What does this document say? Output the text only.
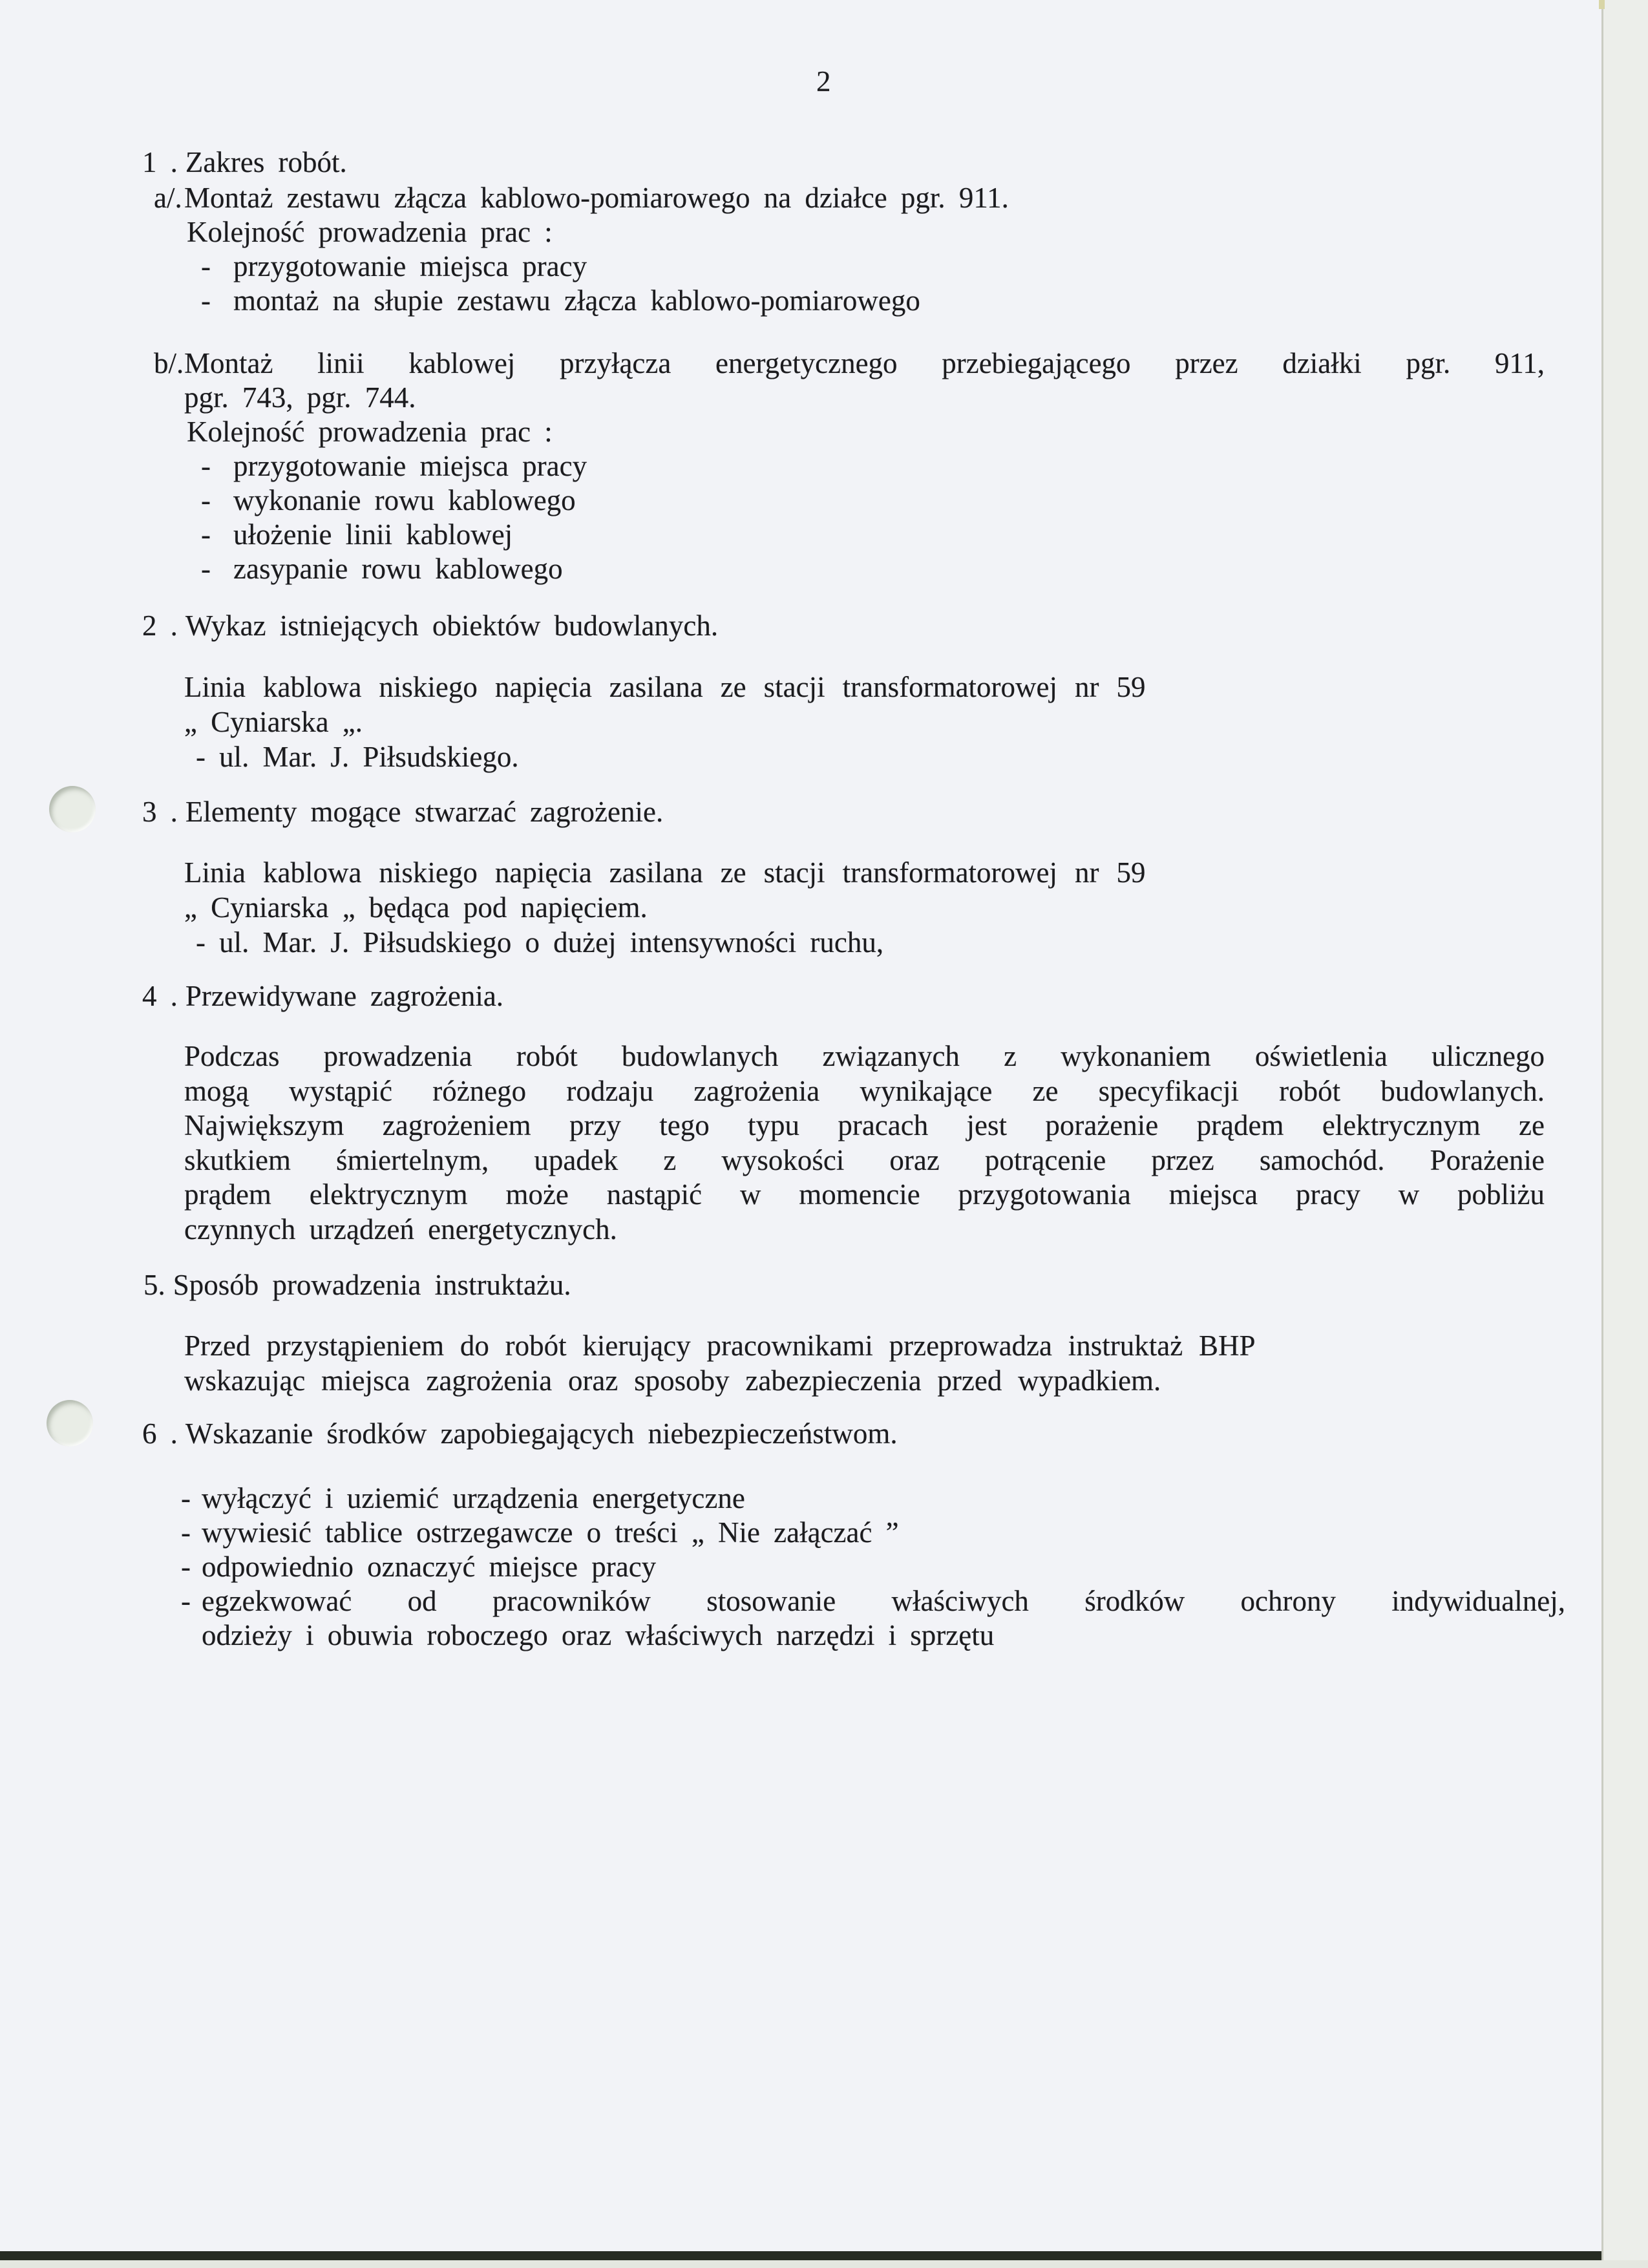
2
1 . Zakres robót.
a/. Montaż zestawu złącza kablowo-pomiarowego na działce pgr. 911.
Kolejność prowadzenia prac :
- przygotowanie miejsca pracy
- montaż na słupie zestawu złącza kablowo-pomiarowego
b/. Montaż linii kablowej przyłącza energetycznego przebiegającego przez działki pgr. 911,
pgr. 743, pgr. 744.
Kolejność prowadzenia prac :
- przygotowanie miejsca pracy
- wykonanie rowu kablowego
- ułożenie linii kablowej
- zasypanie rowu kablowego
2 . Wykaz istniejących obiektów budowlanych.
Linia kablowa niskiego napięcia zasilana ze stacji transformatorowej nr 59
„ Cyniarska „.
- ul. Mar. J. Piłsudskiego.
3 . Elementy mogące stwarzać zagrożenie.
Linia kablowa niskiego napięcia zasilana ze stacji transformatorowej nr 59
„ Cyniarska „ będąca pod napięciem.
- ul. Mar. J. Piłsudskiego o dużej intensywności ruchu,
4 . Przewidywane zagrożenia.
Podczas prowadzenia robót budowlanych związanych z wykonaniem oświetlenia ulicznego
mogą wystąpić różnego rodzaju zagrożenia wynikające ze specyfikacji robót budowlanych.
Największym zagrożeniem przy tego typu pracach jest porażenie prądem elektrycznym ze
skutkiem śmiertelnym, upadek z wysokości oraz potrącenie przez samochód. Porażenie
prądem elektrycznym może nastąpić w momencie przygotowania miejsca pracy w pobliżu
czynnych urządzeń energetycznych.
5. Sposób prowadzenia instruktażu.
Przed przystąpieniem do robót kierujący pracownikami przeprowadza instruktaż BHP
wskazując miejsca zagrożenia oraz sposoby zabezpieczenia przed wypadkiem.
6 . Wskazanie środków zapobiegających niebezpieczeństwom.
- wyłączyć i uziemić urządzenia energetyczne
- wywiesić tablice ostrzegawcze o treści „ Nie załączać ”
- odpowiednio oznaczyć miejsce pracy
- egzekwować od pracowników stosowanie właściwych środków ochrony indywidualnej,
odzieży i obuwia roboczego oraz właściwych narzędzi i sprzętu
